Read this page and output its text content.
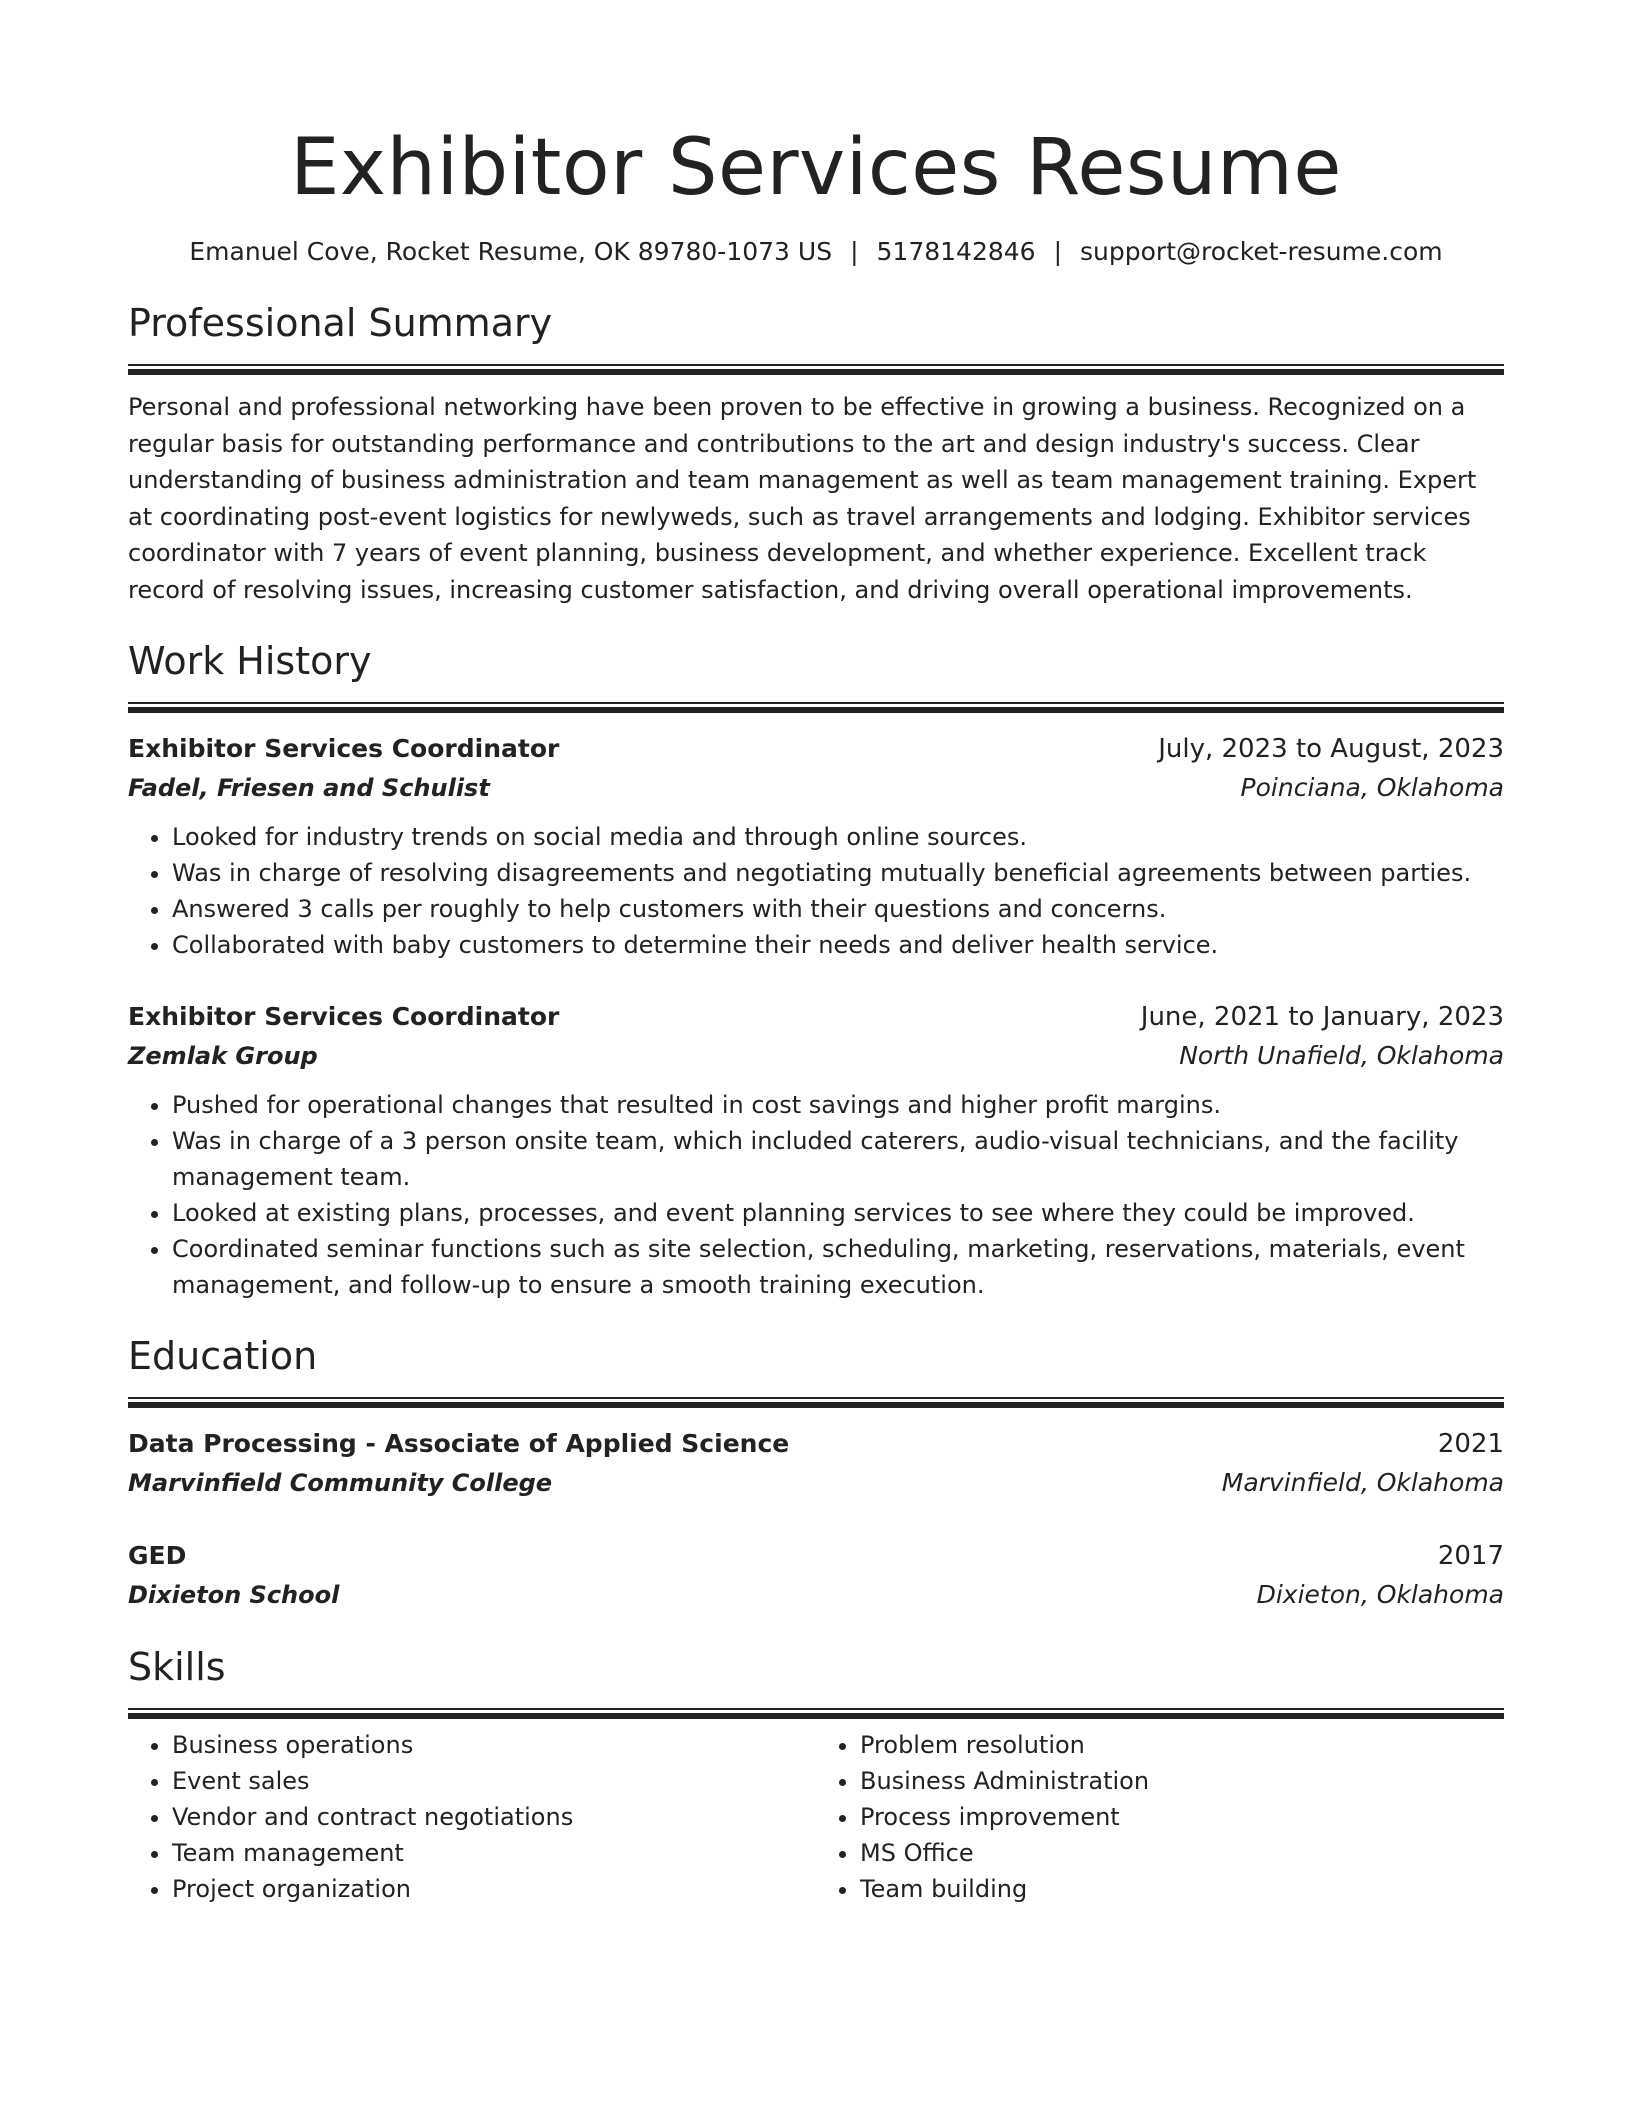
Exhibitor Services Resume
Emanuel Cove, Rocket Resume, OK 89780-1073 US | 5178142846 | support@rocket-resume.com
Professional Summary

Personal and professional networking have been proven to be effective in growing a business. Recognized on a regular basis for outstanding performance and contributions to the art and design industry's success. Clear understanding of business administration and team management as well as team management training. Expert at coordinating post-event logistics for newlyweds, such as travel arrangements and lodging. Exhibitor services coordinator with 7 years of event planning, business development, and whether experience. Excellent track record of resolving issues, increasing customer satisfaction, and driving overall operational improvements.

Work History
Exhibitor Services Coordinator	July, 2023 to August, 2023
Fadel, Friesen and Schulist	Poinciana, Oklahoma
• Looked for industry trends on social media and through online sources.
• Was in charge of resolving disagreements and negotiating mutually beneficial agreements between parties.
• Answered 3 calls per roughly to help customers with their questions and concerns.
• Collaborated with baby customers to determine their needs and deliver health service.
Exhibitor Services Coordinator	June, 2021 to January, 2023
Zemlak Group	North Unafield, Oklahoma
• Pushed for operational changes that resulted in cost savings and higher profit margins.
• Was in charge of a 3 person onsite team, which included caterers, audio-visual technicians, and the facility management team.
• Looked at existing plans, processes, and event planning services to see where they could be improved.
• Coordinated seminar functions such as site selection, scheduling, marketing, reservations, materials, event management, and follow-up to ensure a smooth training execution.
Education
Data Processing - Associate of Applied Science	2021
Marvinfield Community College	Marvinfield, Oklahoma
GED	2017
Dixieton School	Dixieton, Oklahoma
Skills
• Business operations
• Event sales
• Vendor and contract negotiations
• Team management
• Project organization
• Problem resolution
• Business Administration
• Process improvement
• MS Office
• Team building
